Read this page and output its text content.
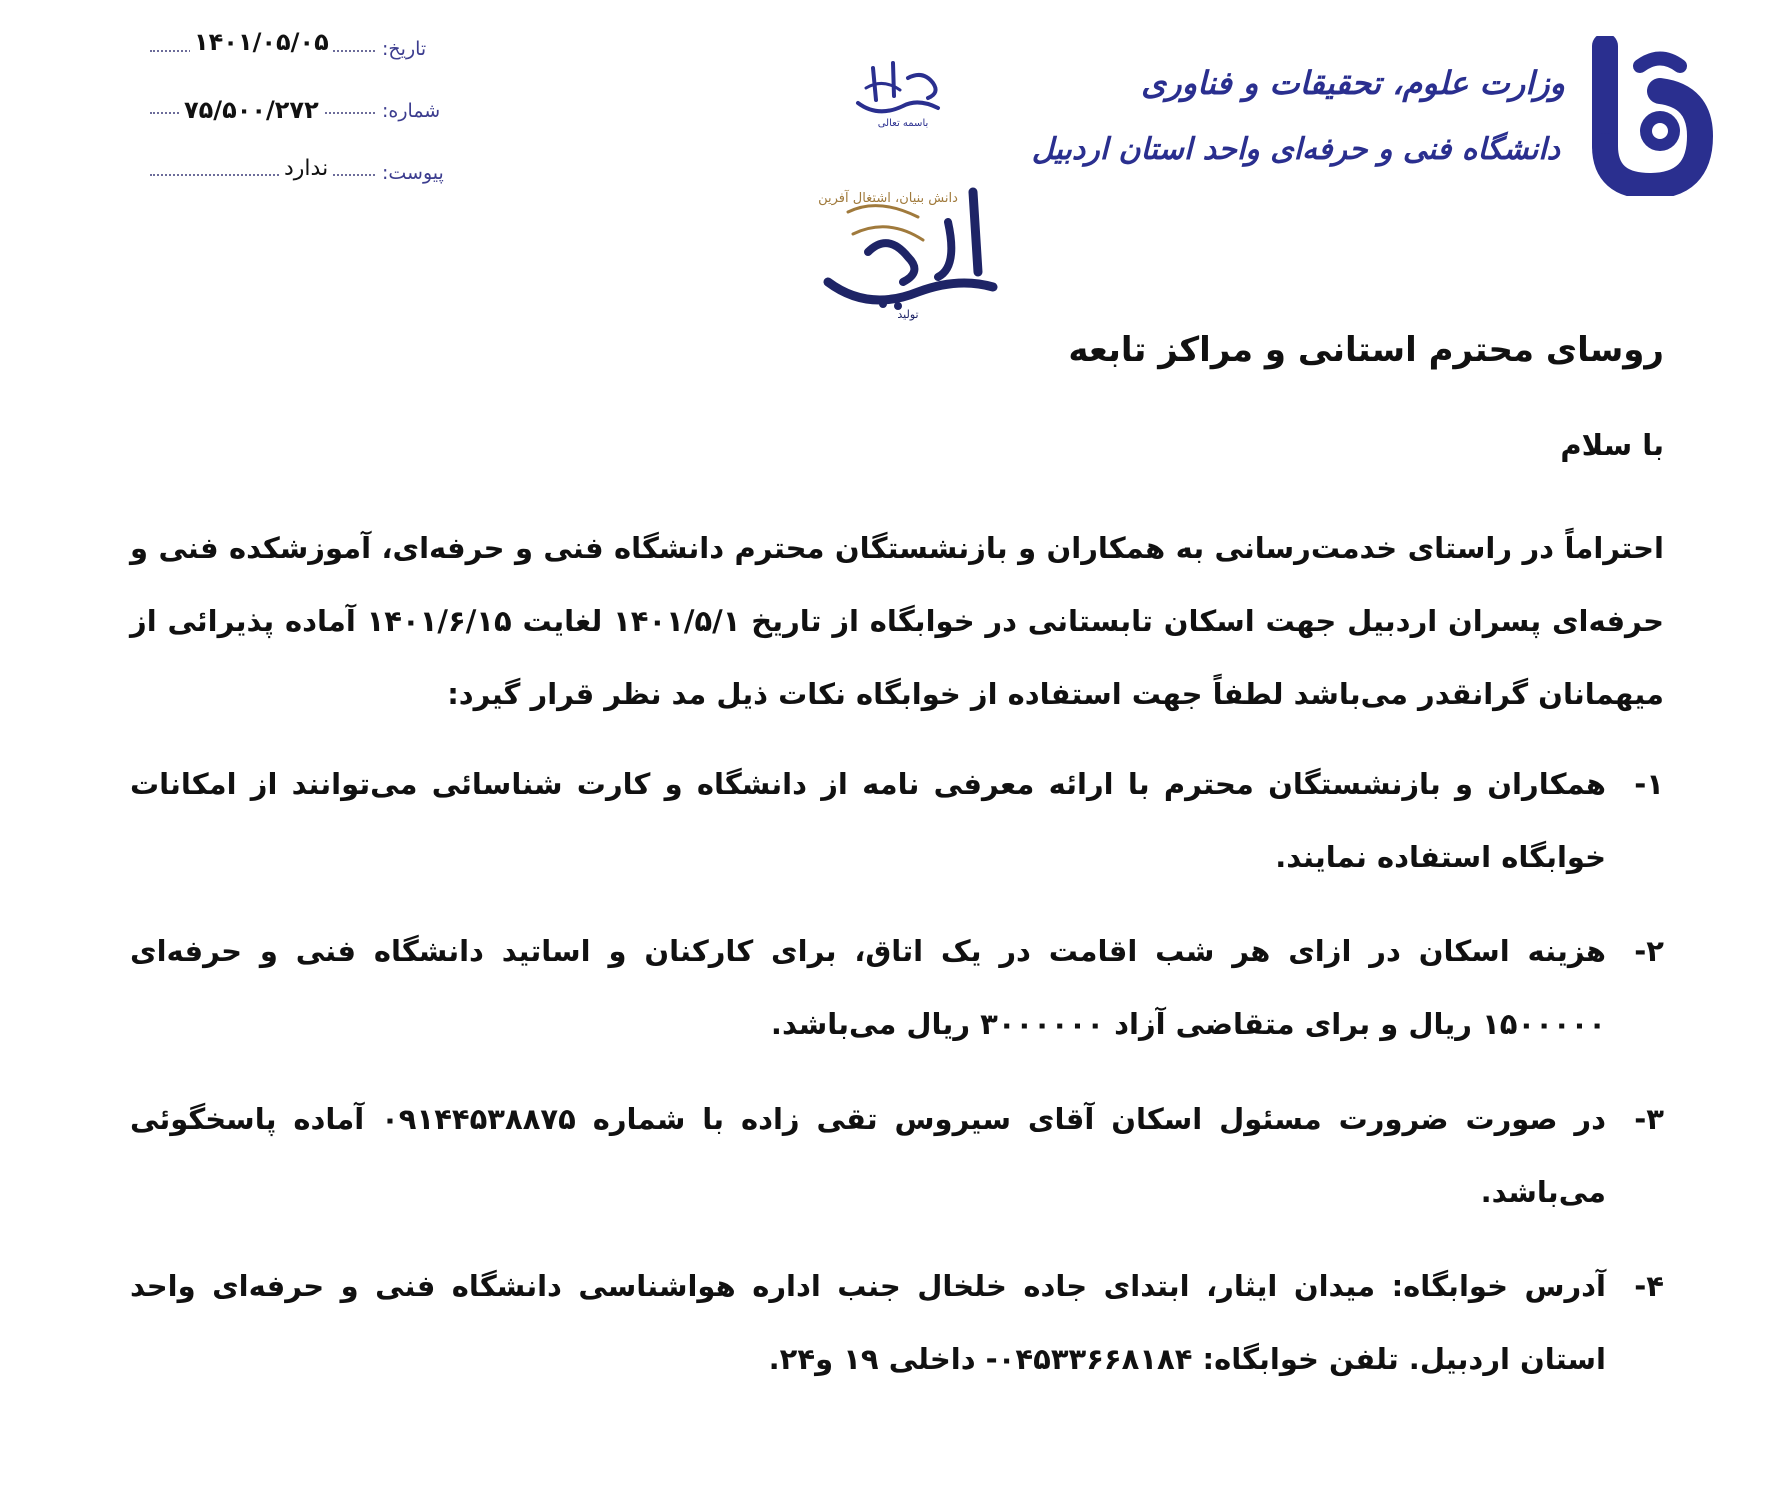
۱۴۰۱/۰۵/۰۵	تاریخ:
۷۵/۵۰۰/۲۷۲	شماره:
ندارد	پیوست:
باسمه تعالی
دانش بنیان، اشتغال آفرین
تولید
وزارت علوم، تحقیقات و فناوری
دانشگاه فنی و حرفه‌ای واحد استان اردبیل
روسای محترم استانی و مراکز تابعه
با سلام
احتراماً در راستای خدمت‌رسانی به همکاران و بازنشستگان محترم دانشگاه فنی و حرفه‌ای، آموزشکده فنی و حرفه‌ای پسران اردبیل جهت اسکان تابستانی در خوابگاه از تاریخ ۱۴۰۱/۵/۱ لغایت ۱۴۰۱/۶/۱۵ آماده پذیرائی از میهمانان گرانقدر می‌باشد لطفاً جهت استفاده از خوابگاه نکات ذیل مد نظر قرار گیرد:
۱-
همکاران و بازنشستگان محترم با ارائه معرفی نامه از دانشگاه و کارت شناسائی می‌توانند از امکانات خوابگاه استفاده نمایند.
۲-
هزینه اسکان در ازای هر شب اقامت در یک اتاق، برای کارکنان و اساتید دانشگاه فنی و حرفه‌ای ۱۵۰۰۰۰۰ ریال و برای متقاضی آزاد ۳۰۰۰۰۰۰ ریال می‌باشد.
۳-
در صورت ضرورت مسئول اسکان آقای سیروس تقی زاده با شماره ۰۹۱۴۴۵۳۸۸۷۵ آماده پاسخگوئی می‌باشد.
۴-
آدرس خوابگاه: میدان ایثار، ابتدای جاده خلخال جنب اداره هواشناسی دانشگاه فنی و حرفه‌ای واحد استان اردبیل. تلفن خوابگاه: ۰۴۵۳۳۶۶۸۱۸۴- داخلی ۱۹ و۲۴.
